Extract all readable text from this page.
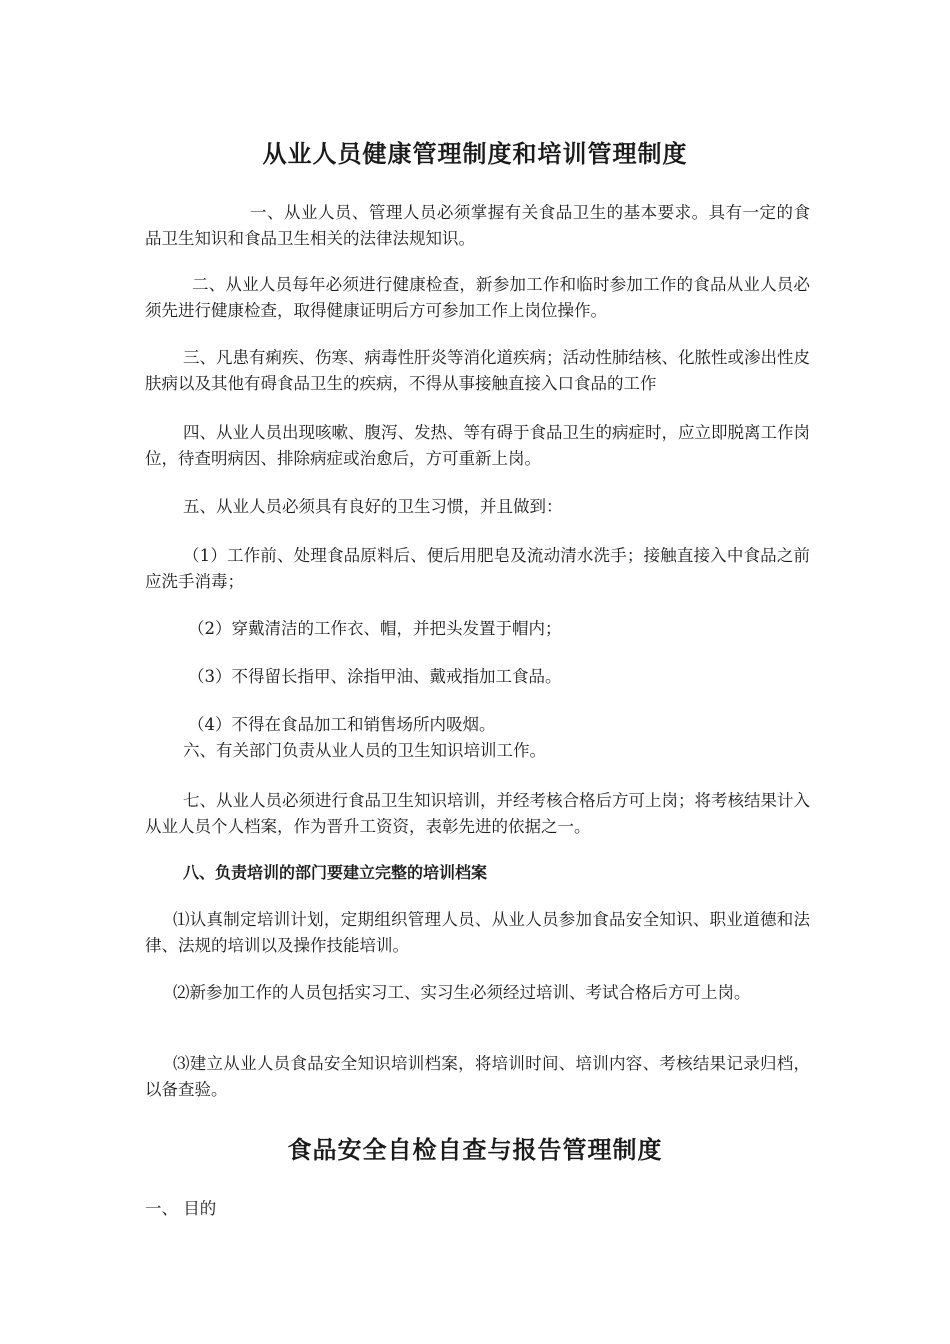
从业人员健康管理制度和培训管理制度

一、从业人员、管理人员必须掌握有关食品卫生的基本要求。具有一定的食品卫生知识和食品卫生相关的法律法规知识。

二、从业人员每年必须进行健康检查，新参加工作和临时参加工作的食品从业人员必须先进行健康检查，取得健康证明后方可参加工作上岗位操作。

三、凡患有痢疾、伤寒、病毒性肝炎等消化道疾病；活动性肺结核、化脓性或渗出性皮肤病以及其他有碍食品卫生的疾病，不得从事接触直接入口食品的工作

四、从业人员出现咳嗽、腹泻、发热、等有碍于食品卫生的病症时，应立即脱离工作岗位，待查明病因、排除病症或治愈后，方可重新上岗。

五、从业人员必须具有良好的卫生习惯，并且做到：

（1）工作前、处理食品原料后、便后用肥皂及流动清水洗手；接触直接入中食品之前应洗手消毒；

（2）穿戴清洁的工作衣、帽，并把头发置于帽内；

（3）不得留长指甲、涂指甲油、戴戒指加工食品。

（4）不得在食品加工和销售场所内吸烟。

六、有关部门负责从业人员的卫生知识培训工作。

七、从业人员必须进行食品卫生知识培训，并经考核合格后方可上岗；将考核结果计入从业人员个人档案，作为晋升工资资，表彰先进的依据之一。

八、负责培训的部门要建立完整的培训档案

⑴认真制定培训计划，定期组织管理人员、从业人员参加食品安全知识、职业道德和法律、法规的培训以及操作技能培训。

⑵新参加工作的人员包括实习工、实习生必须经过培训、考试合格后方可上岗。

⑶建立从业人员食品安全知识培训档案，将培训时间、培训内容、考核结果记录归档，以备查验。

食品安全自检自查与报告管理制度

一、 目的
